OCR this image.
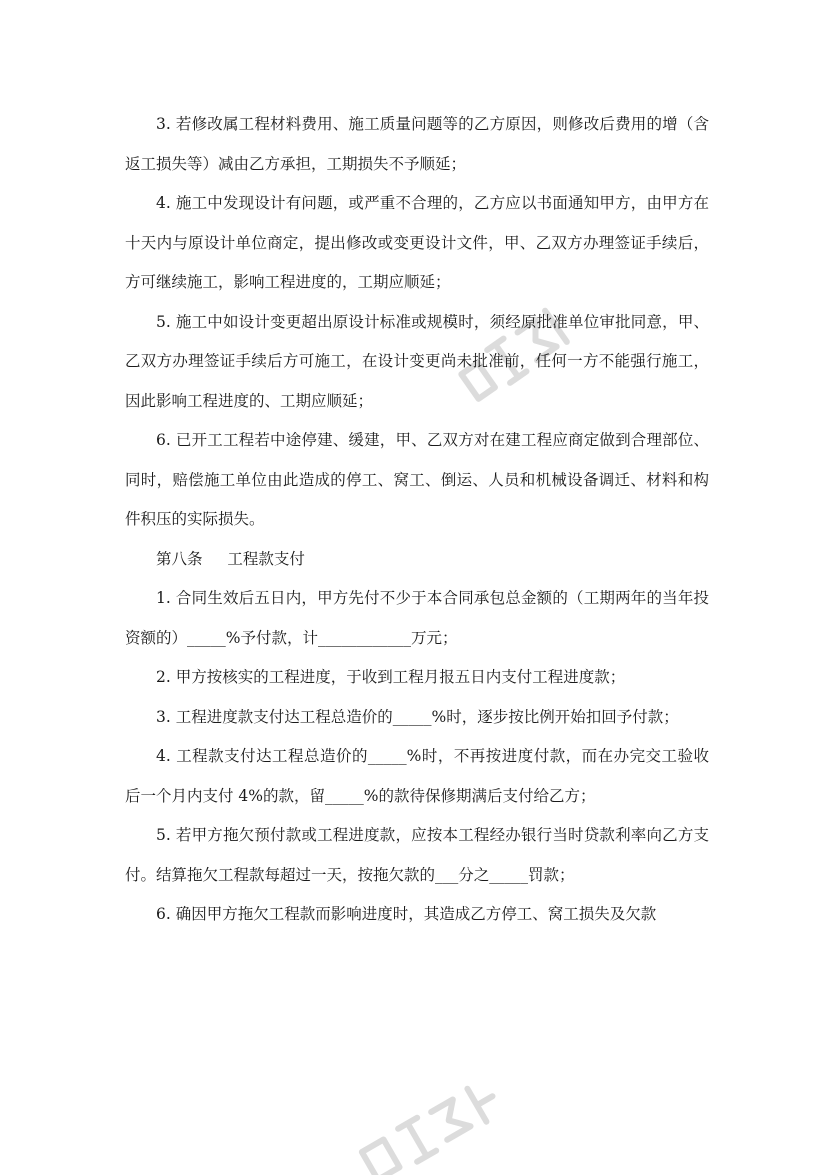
3. 若修改属工程材料费用、施工质量问题等的乙方原因，则修改后费用的增（含返工损失等）减由乙方承担，工期损失不予顺延；

4. 施工中发现设计有问题，或严重不合理的，乙方应以书面通知甲方，由甲方在十天内与原设计单位商定，提出修改或变更设计文件，甲、乙双方办理签证手续后，方可继续施工，影响工程进度的，工期应顺延；

5. 施工中如设计变更超出原设计标准或规模时，须经原批准单位审批同意，甲、乙双方办理签证手续后方可施工，在设计变更尚未批准前，任何一方不能强行施工，因此影响工程进度的、工期应顺延；

6. 已开工工程若中途停建、缓建，甲、乙双方对在建工程应商定做到合理部位、同时，赔偿施工单位由此造成的停工、窝工、倒运、人员和机械设备调迁、材料和构件积压的实际损失。

第八条 工程款支付

1. 合同生效后五日内，甲方先付不少于本合同承包总金额的（工期两年的当年投资额的）_____%予付款，计____________万元；

2. 甲方按核实的工程进度，于收到工程月报五日内支付工程进度款；

3. 工程进度款支付达工程总造价的_____%时，逐步按比例开始扣回予付款；

4. 工程款支付达工程总造价的_____%时，不再按进度付款，而在办完交工验收后一个月内支付 4%的款，留_____%的款待保修期满后支付给乙方；

5. 若甲方拖欠预付款或工程进度款，应按本工程经办银行当时贷款利率向乙方支付。结算拖欠工程款每超过一天，按拖欠款的___分之_____罚款；

6. 确因甲方拖欠工程款而影响进度时，其造成乙方停工、窝工损失及欠款
